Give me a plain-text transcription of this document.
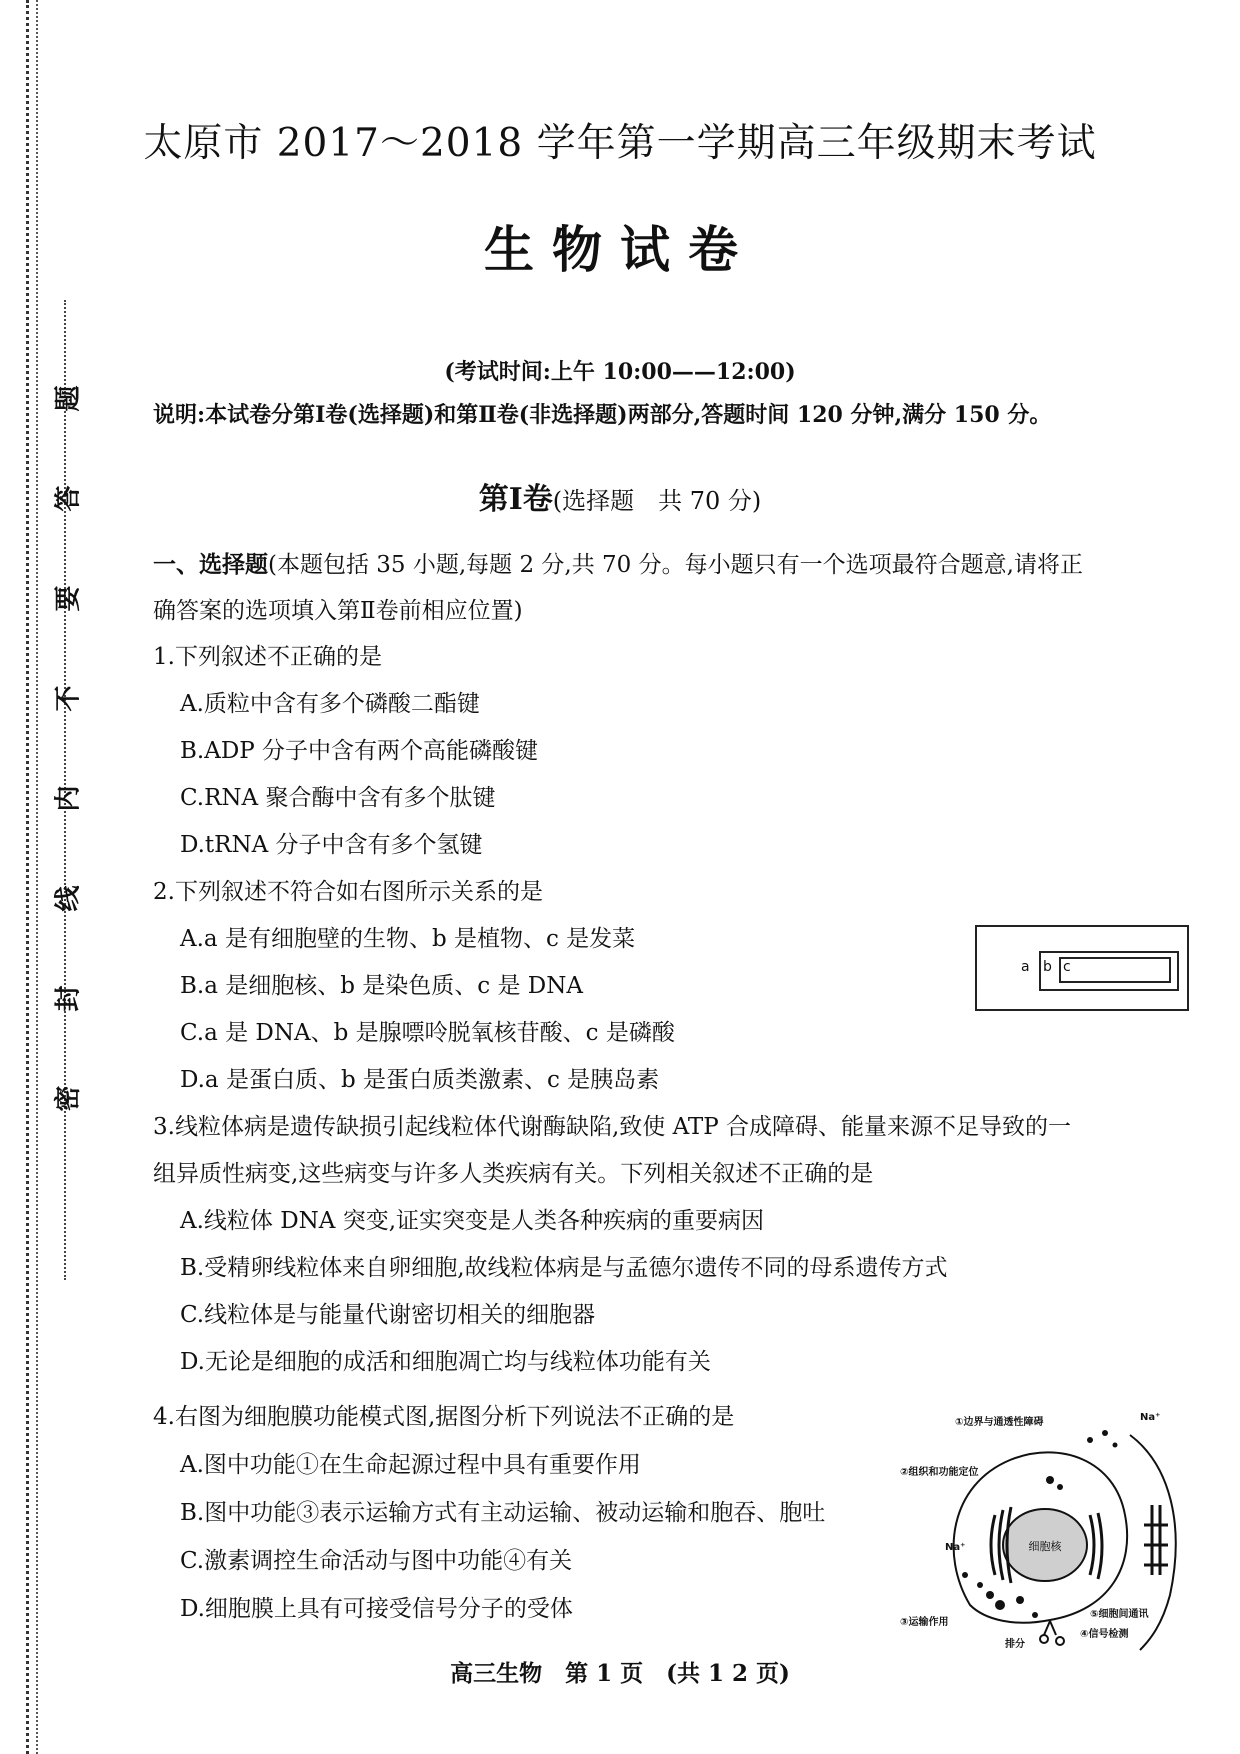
密
封
线
内
不
要
答
题
太原市 2017～2018 学年第一学期高三年级期末考试
生物试卷
(考试时间:上午 10:00——12:00)
说明:本试卷分第Ⅰ卷(选择题)和第Ⅱ卷(非选择题)两部分,答题时间 120 分钟,满分 150 分。
第Ⅰ卷(选择题　共 70 分)
一、选择题(本题包括 35 小题,每题 2 分,共 70 分。每小题只有一个选项最符合题意,请将正
确答案的选项填入第Ⅱ卷前相应位置)
1.下列叙述不正确的是
A.质粒中含有多个磷酸二酯键
B.ADP 分子中含有两个高能磷酸键
C.RNA 聚合酶中含有多个肽键
D.tRNA 分子中含有多个氢键
2.下列叙述不符合如右图所示关系的是
A.a 是有细胞壁的生物、b 是植物、c 是发菜
B.a 是细胞核、b 是染色质、c 是 DNA
C.a 是 DNA、b 是腺嘌呤脱氧核苷酸、c 是磷酸
D.a 是蛋白质、b 是蛋白质类激素、c 是胰岛素
a b c
3.线粒体病是遗传缺损引起线粒体代谢酶缺陷,致使 ATP 合成障碍、能量来源不足导致的一
组异质性病变,这些病变与许多人类疾病有关。下列相关叙述不正确的是
A.线粒体 DNA 突变,证实突变是人类各种疾病的重要病因
B.受精卵线粒体来自卵细胞,故线粒体病是与孟德尔遗传不同的母系遗传方式
C.线粒体是与能量代谢密切相关的细胞器
D.无论是细胞的成活和细胞凋亡均与线粒体功能有关
4.右图为细胞膜功能模式图,据图分析下列说法不正确的是
A.图中功能①在生命起源过程中具有重要作用
B.图中功能③表示运输方式有主动运输、被动运输和胞吞、胞吐
C.激素调控生命活动与图中功能④有关
D.细胞膜上具有可接受信号分子的受体
细胞核
①边界与通透性障碍
②组织和功能定位
③运输作用
④信号检测
⑤细胞间通讯
Na⁺
Na⁺
排分
高三生物　第 1 页　(共 1 2 页)
